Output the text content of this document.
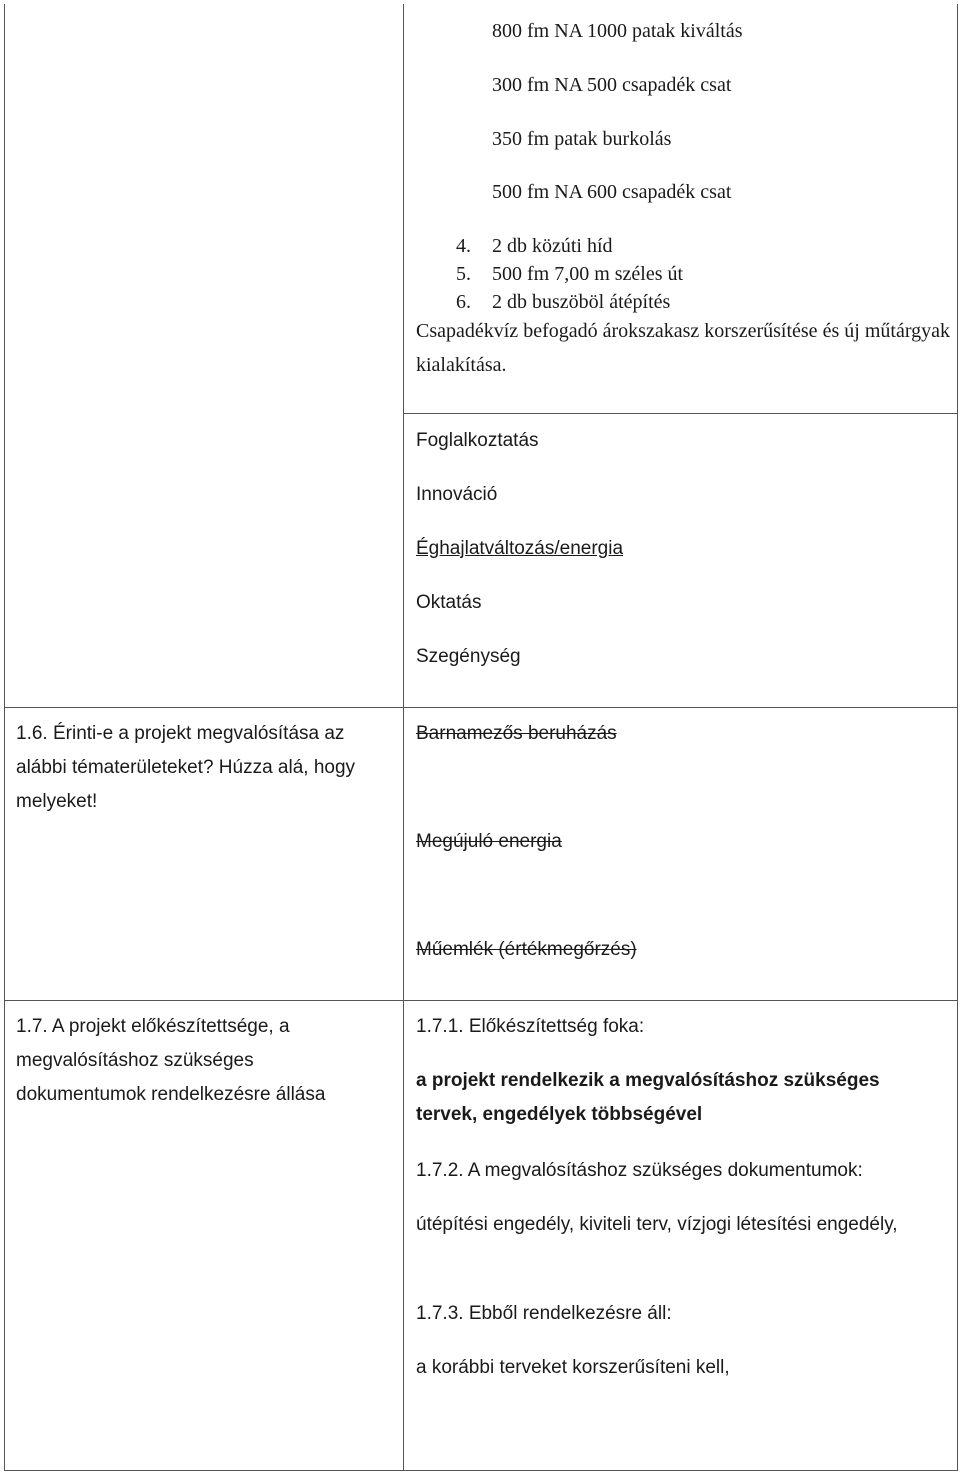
800 fm NA 1000 patak kiváltás
300 fm NA 500 csapadék csat
350 fm patak burkolás
500 fm NA 600 csapadék csat
4. 2 db közúti híd
5. 500 fm 7,00 m széles út
6. 2 db buszöböl átépítés
Csapadékvíz befogadó árokszakasz korszerűsítése és új műtárgyak kialakítása.
Foglalkoztatás
Innováció
Éghajlatváltozás/energia
Oktatás
Szegénység
1.6. Érinti-e a projekt megvalósítása az alábbi tématerületeket? Húzza alá, hogy melyeket!
Barnamezős beruházás
Megújuló energia
Műemlék (értékmegőrzés)
1.7. A projekt előkészítettsége, a megvalósításhoz szükséges dokumentumok rendelkezésre állása
1.7.1. Előkészítettség foka:
a projekt rendelkezik a megvalósításhoz szükséges tervek, engedélyek többségével
1.7.2. A megvalósításhoz szükséges dokumentumok:
útépítési engedély, kiviteli terv, vízjogi létesítési engedély,
1.7.3. Ebből rendelkezésre áll:
a korábbi terveket korszerűsíteni kell,
